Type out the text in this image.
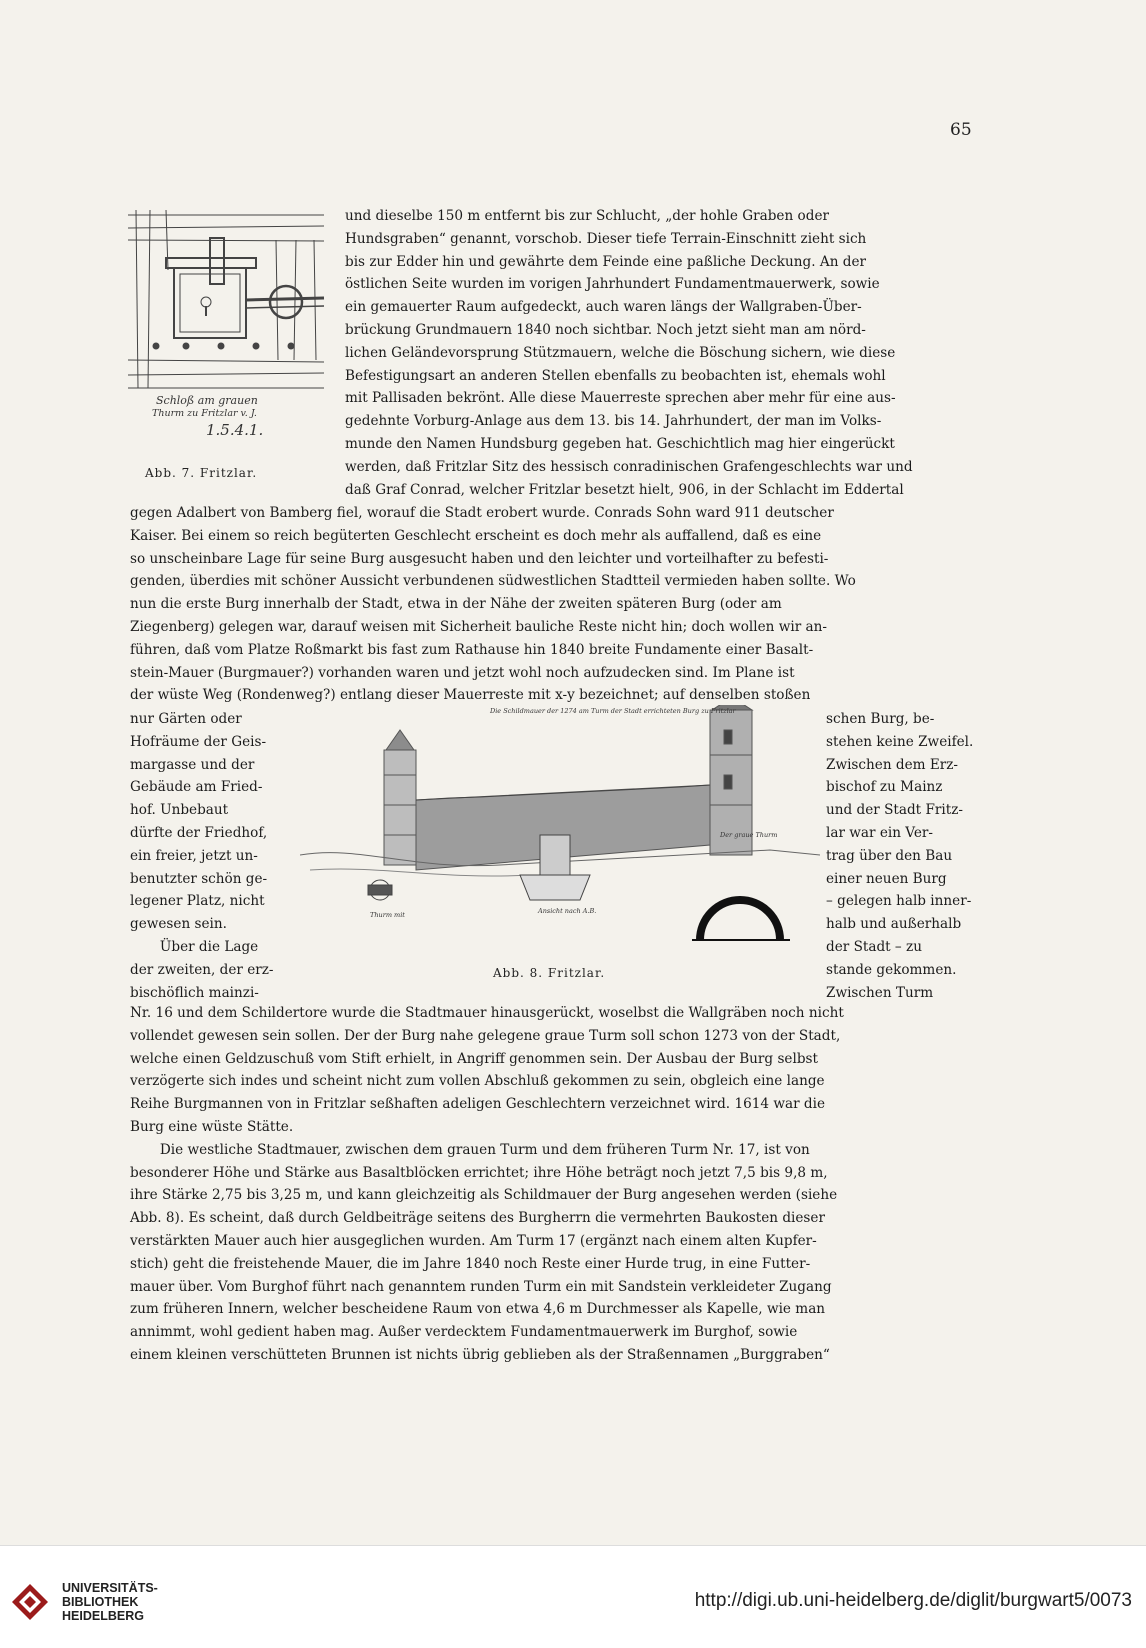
65
Schloß am grauen
Thurm zu Fritzlar v. J.
1.5.4.1.
Abb. 7. Fritzlar.

und dieselbe 150 m entfernt bis zur Schlucht, „der hohle Graben oder

Hundsgraben“ genannt, vorschob. Dieser tiefe Terrain-Einschnitt zieht sich

bis zur Edder hin und gewährte dem Feinde eine paßliche Deckung. An der

östlichen Seite wurden im vorigen Jahrhundert Fundamentmauerwerk, sowie

ein gemauerter Raum aufgedeckt, auch waren längs der Wallgraben-Über-

brückung Grundmauern 1840 noch sichtbar. Noch jetzt sieht man am nörd-

lichen Geländevorsprung Stützmauern, welche die Böschung sichern, wie diese

Befestigungsart an anderen Stellen ebenfalls zu beobachten ist, ehemals wohl

mit Pallisaden bekrönt. Alle diese Mauerreste sprechen aber mehr für eine aus-

gedehnte Vorburg-Anlage aus dem 13. bis 14. Jahrhundert, der man im Volks-

munde den Namen Hundsburg gegeben hat. Geschichtlich mag hier eingerückt

werden, daß Fritzlar Sitz des hessisch conradinischen Grafengeschlechts war und

daß Graf Conrad, welcher Fritzlar besetzt hielt, 906, in der Schlacht im Eddertal

gegen Adalbert von Bamberg fiel, worauf die Stadt erobert wurde. Conrads Sohn ward 911 deutscher

Kaiser. Bei einem so reich begüterten Geschlecht erscheint es doch mehr als auffallend, daß es eine

so unscheinbare Lage für seine Burg ausgesucht haben und den leichter und vorteilhafter zu befesti-

genden, überdies mit schöner Aussicht verbundenen südwestlichen Stadtteil vermieden haben sollte. Wo

nun die erste Burg innerhalb der Stadt, etwa in der Nähe der zweiten späteren Burg (oder am

Ziegenberg) gelegen war, darauf weisen mit Sicherheit bauliche Reste nicht hin; doch wollen wir an-

führen, daß vom Platze Roßmarkt bis fast zum Rathause hin 1840 breite Fundamente einer Basalt-

stein-Mauer (Burgmauer?) vorhanden waren und jetzt wohl noch aufzudecken sind. Im Plane ist

der wüste Weg (Rondenweg?) entlang dieser Mauerreste mit x-y bezeichnet; auf denselben stoßen

nur Gärten oder

Hofräume der Geis-

margasse und der

Gebäude am Fried-

hof. Unbebaut

dürfte der Friedhof,

ein freier, jetzt un-

benutzter schön ge-

legener Platz, nicht

gewesen sein.

Über die Lage

der zweiten, der erz-

bischöflich mainzi-

schen Burg, be-

stehen keine Zweifel.

Zwischen dem Erz-

bischof zu Mainz

und der Stadt Fritz-

lar war ein Ver-

trag über den Bau

einer neuen Burg

– gelegen halb inner-

halb und außerhalb

der Stadt – zu

stande gekommen.

Zwischen Turm

Die Schildmauer der 1274 am Turm der Stadt errichteten Burg zu Fritzlar
Der graue Thurm
Ansicht nach A.B.
Thurm mit
Abb. 8. Fritzlar.

Nr. 16 und dem Schildertore wurde die Stadtmauer hinausgerückt, woselbst die Wallgräben noch nicht

vollendet gewesen sein sollen. Der der Burg nahe gelegene graue Turm soll schon 1273 von der Stadt,

welche einen Geldzuschuß vom Stift erhielt, in Angriff genommen sein. Der Ausbau der Burg selbst

verzögerte sich indes und scheint nicht zum vollen Abschluß gekommen zu sein, obgleich eine lange

Reihe Burgmannen von in Fritzlar seßhaften adeligen Geschlechtern verzeichnet wird. 1614 war die

Burg eine wüste Stätte.

Die westliche Stadtmauer, zwischen dem grauen Turm und dem früheren Turm Nr. 17, ist von

besonderer Höhe und Stärke aus Basaltblöcken errichtet; ihre Höhe beträgt noch jetzt 7,5 bis 9,8 m,

ihre Stärke 2,75 bis 3,25 m, und kann gleichzeitig als Schildmauer der Burg angesehen werden (siehe

Abb. 8). Es scheint, daß durch Geldbeiträge seitens des Burgherrn die vermehrten Baukosten dieser

verstärkten Mauer auch hier ausgeglichen wurden. Am Turm 17 (ergänzt nach einem alten Kupfer-

stich) geht die freistehende Mauer, die im Jahre 1840 noch Reste einer Hurde trug, in eine Futter-

mauer über. Vom Burghof führt nach genanntem runden Turm ein mit Sandstein verkleideter Zugang

zum früheren Innern, welcher bescheidene Raum von etwa 4,6 m Durchmesser als Kapelle, wie man

annimmt, wohl gedient haben mag. Außer verdecktem Fundamentmauerwerk im Burghof, sowie

einem kleinen verschütteten Brunnen ist nichts übrig geblieben als der Straßennamen „Burggraben“

UNIVERSITÄTS-
BIBLIOTHEK
HEIDELBERG
http://digi.ub.uni-heidelberg.de/diglit/burgwart5/0073
